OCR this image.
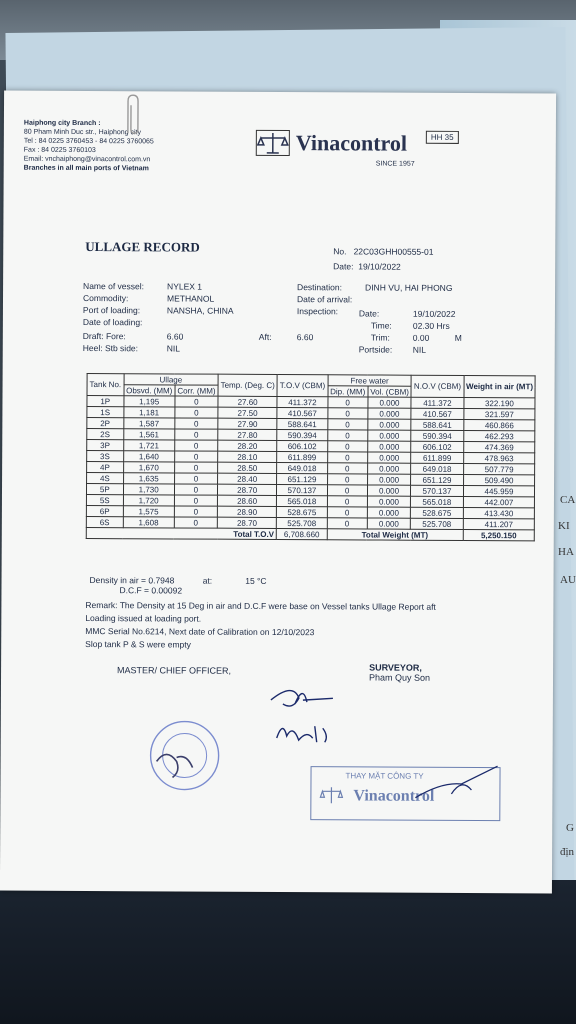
CA
KI
HA
AU
G
địn
Haiphong city Branch :
80 Pham Minh Duc str., Haiphong city
Tel : 84 0225 3760453 - 84 0225 3760065
Fax : 84 0225 3760103
Email: vnchaiphong@vinacontrol.com.vn
Branches in all main ports of Vietnam
Vinacontrol
SINCE 1957
HH 35
ULLAGE RECORD	No. 22C03GHH00555-01
Date: 19/10/2022
Name of vessel:	NYLEX 1
Commodity:	METHANOL
Port of loading:	NANSHA, CHINA
Date of loading:
Draft: Fore:	6.60	Aft:	6.60
Heel: Stb side:	NIL
Destination:	DINH VU, HAI PHONG
Date of arrival:
Inspection: Date:	19/10/2022
Time: 02.30 Hrs
Trim:	0.00	M
Portside: NIL
Tank No.	Ullage		Temp. (Deg. C)	T.O.V (CBM)	Free water		N.O.V (CBM)	Weight in air (MT)
	Obsvd. (MM)	Corr. (MM)			Dip. (MM)	Vol. (CBM)		
1P	1,195	0	27.60	411.372	0	0.000	411.372	322.190
1S	1,181	0	27.50	410.567	0	0.000	410.567	321.597
2P	1,587	0	27.90	588.641	0	0.000	588.641	460.866
2S	1,561	0	27.80	590.394	0	0.000	590.394	462.293
3P	1,721	0	28.20	606.102	0	0.000	606.102	474.369
3S	1,640	0	28.10	611.899	0	0.000	611.899	478.963
4P	1,670	0	28.50	649.018	0	0.000	649.018	507.779
4S	1,635	0	28.40	651.129	0	0.000	651.129	509.490
5P	1,730	0	28.70	570.137	0	0.000	570.137	445.959
5S	1,720	0	28.60	565.018	0	0.000	565.018	442.007
6P	1,575	0	28.90	528.675	0	0.000	528.675	413.430
6S	1,608	0	28.70	525.708	0	0.000	525.708	411.207
Total T.O.V				6,708.660	Total Weight (MT)			5,250.150
Density in air = 0.7948	at:	15 °C
D.C.F = 0.00092
Remark: The Density at 15 Deg in air and D.C.F were base on Vessel tanks Ullage Report aft
Loading issued at loading port.
MMC Serial No.6214, Next date of Calibration on 12/10/2023
Slop tank P & S were empty
MASTER/ CHIEF OFFICER,	SURVEYOR,
Pham Quy Son
THAY MẶT CÔNG TY
Vinacontrol
